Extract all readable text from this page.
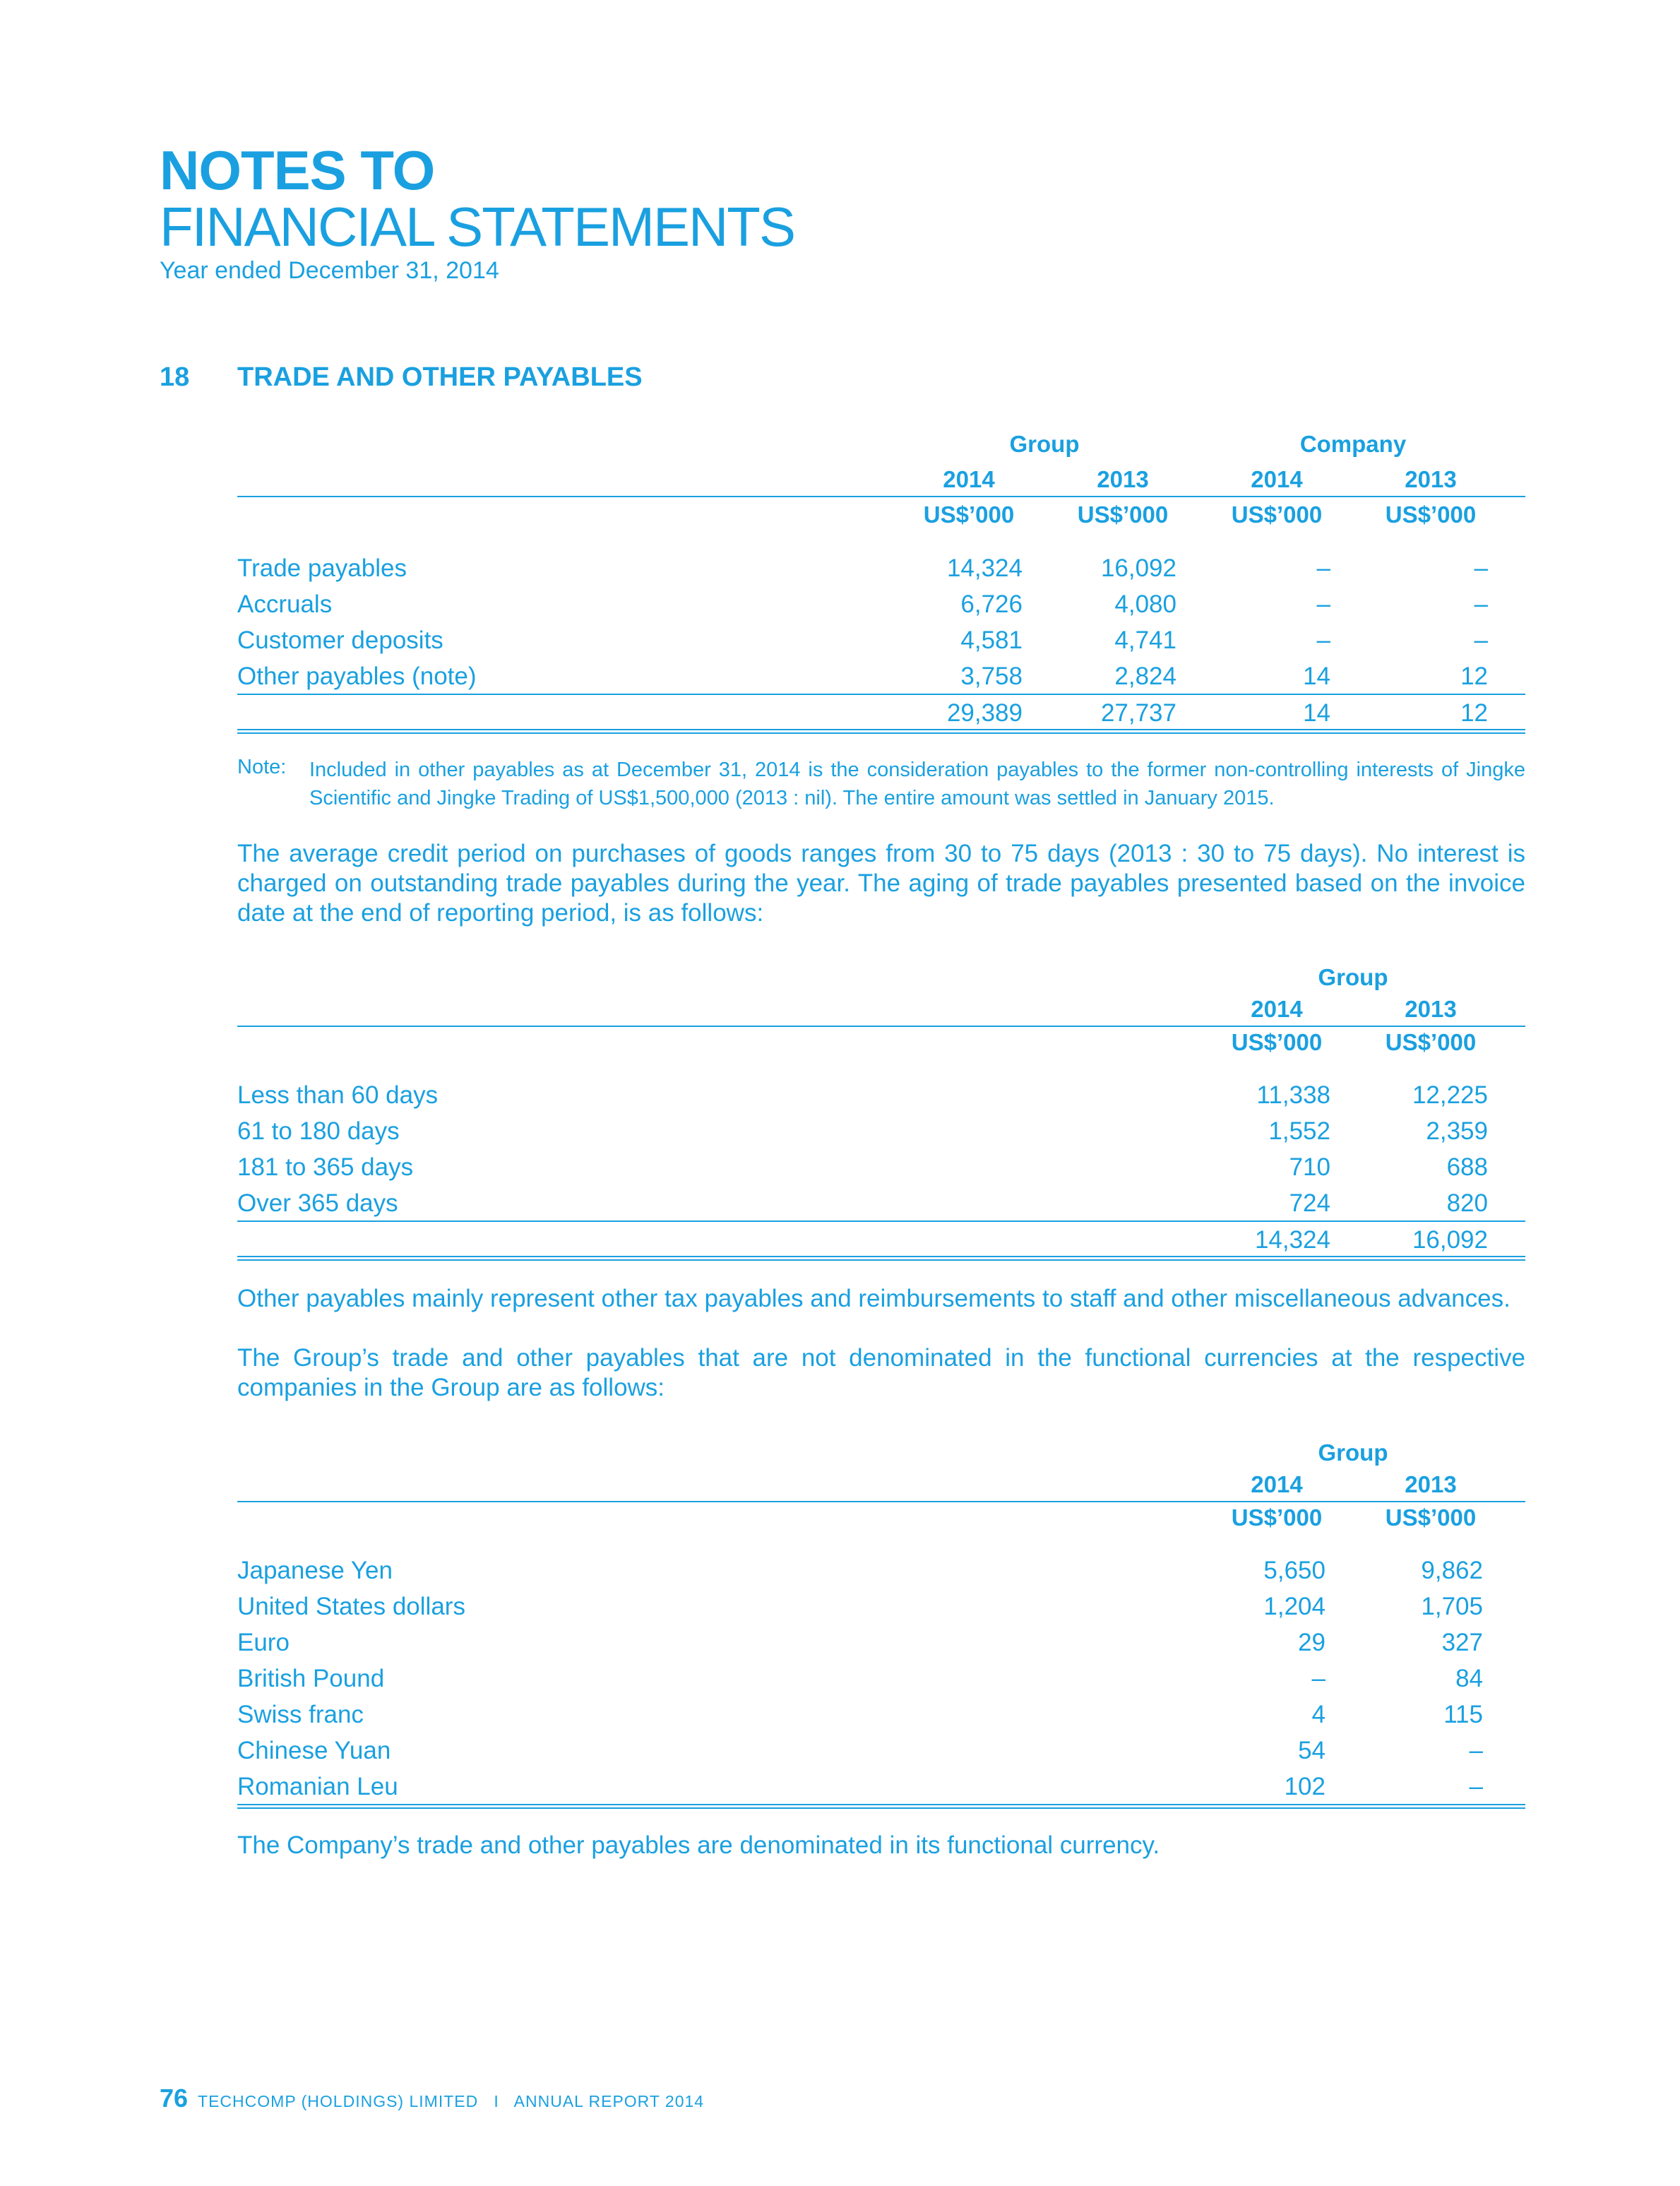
NOTES TO
FINANCIAL STATEMENTS
Year ended December 31, 2014
18 TRADE AND OTHER PAYABLES
Group	Company
2014	2013	2014	2013
US$’000	US$’000	US$’000	US$’000
Trade payables	14,324	16,092	–	–
Accruals	6,726	4,080	–	–
Customer deposits	4,581	4,741	–	–
Other payables (note)	3,758	2,824	14	12
29,389	27,737	14	12
Note: Included in other payables as at December 31, 2014 is the consideration payables to the former non-controlling interests of Jingke Scientific and Jingke Trading of US$1,500,000 (2013 : nil). The entire amount was settled in January 2015.
The average credit period on purchases of goods ranges from 30 to 75 days (2013 : 30 to 75 days). No interest is charged on outstanding trade payables during the year. The aging of trade payables presented based on the invoice date at the end of reporting period, is as follows:
Group
2014	2013
US$’000	US$’000
Less than 60 days	11,338	12,225
61 to 180 days	1,552	2,359
181 to 365 days	710	688
Over 365 days	724	820
14,324	16,092
Other payables mainly represent other tax payables and reimbursements to staff and other miscellaneous advances.
The Group’s trade and other payables that are not denominated in the functional currencies at the respective companies in the Group are as follows:
Group
2014	2013
US$’000	US$’000
Japanese Yen	5,650	9,862
United States dollars	1,204	1,705
Euro	29	327
British Pound	–	84
Swiss franc	4	115
Chinese Yuan	54	–
Romanian Leu	102	–
The Company’s trade and other payables are denominated in its functional currency.
76 TECHCOMP (HOLDINGS) LIMITED   I   ANNUAL REPORT 2014
